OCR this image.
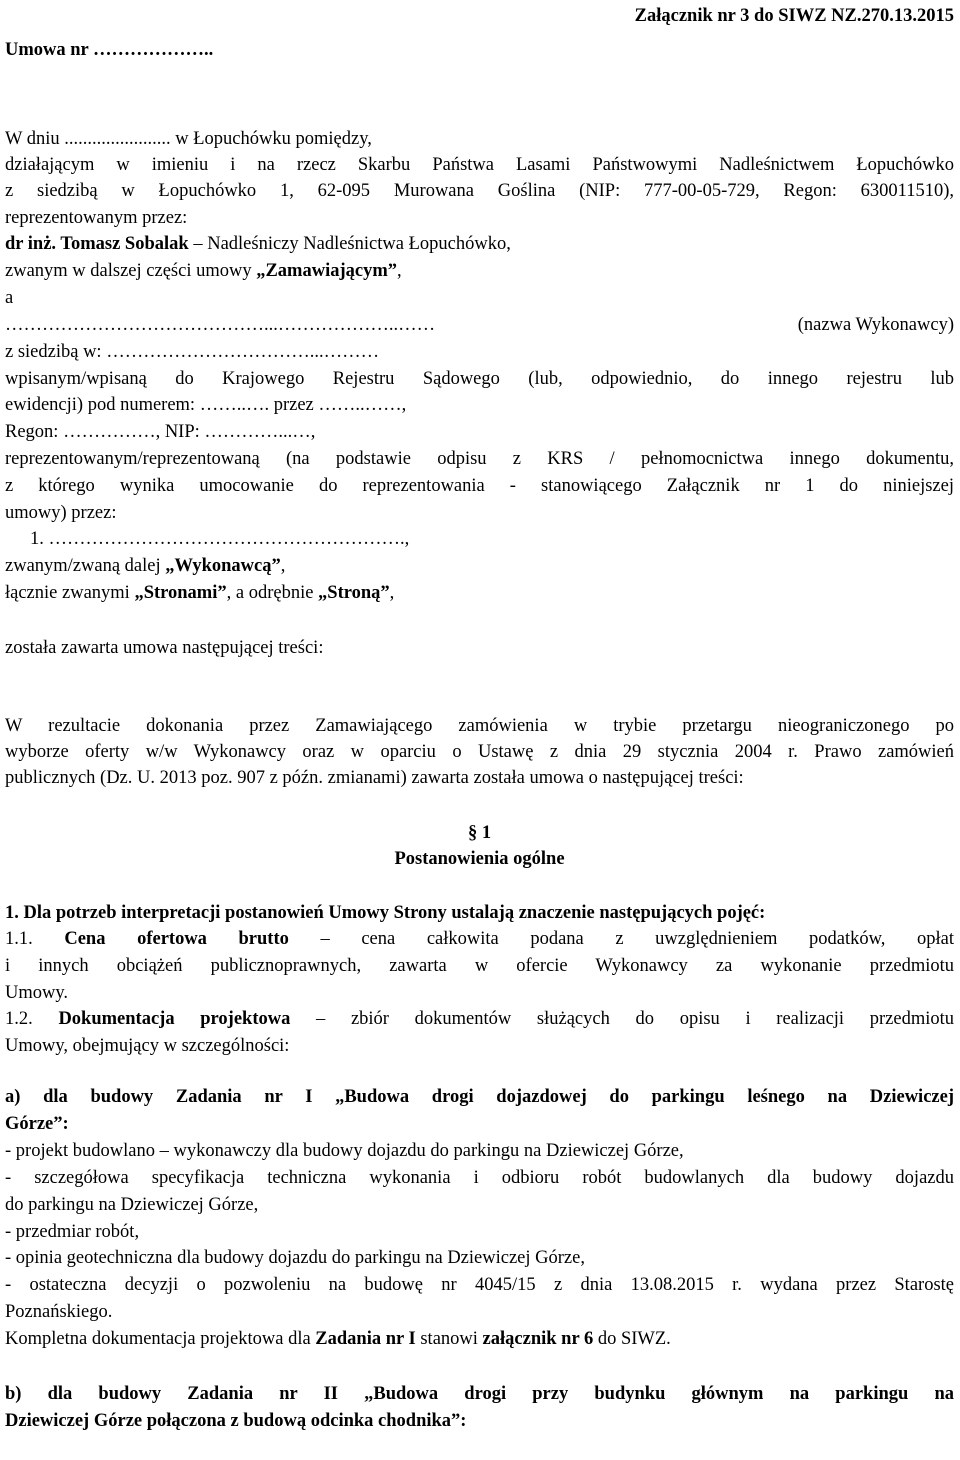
Załącznik nr 3 do SIWZ NZ.270.13.2015
Umowa nr ………………..
W dniu ....................... w Łopuchówku pomiędzy,
działającym w imieniu i na rzecz Skarbu Państwa Lasami Państwowymi Nadleśnictwem Łopuchówko
z siedzibą w Łopuchówko 1, 62-095 Murowana Goślina (NIP: 777-00-05-729, Regon: 630011510),
reprezentowanym przez:
dr inż. Tomasz Sobalak – Nadleśniczy Nadleśnictwa Łopuchówko,
zwanym w dalszej części umowy „Zamawiającym”,
a
……………………………………...………………..……	(nazwa Wykonawcy)
z siedzibą w: ……………………………...………
wpisanym/wpisaną do Krajowego Rejestru Sądowego (lub, odpowiednio, do innego rejestru lub
ewidencji) pod numerem: ……..…. przez ……..……,
Regon: ……………, NIP: …………...…,
reprezentowanym/reprezentowaną (na podstawie odpisu z KRS / pełnomocnictwa innego dokumentu,
z którego wynika umocowanie do reprezentowania - stanowiącego Załącznik nr 1 do niniejszej
umowy) przez:
1. ………………………………………………….,
zwanym/zwaną dalej „Wykonawcą”,
łącznie zwanymi „Stronami”, a odrębnie „Stroną”,
została zawarta umowa następującej treści:
W rezultacie dokonania przez Zamawiającego zamówienia w trybie przetargu nieograniczonego po
wyborze oferty w/w Wykonawcy oraz w oparciu o Ustawę z dnia 29 stycznia 2004 r. Prawo zamówień
publicznych (Dz. U. 2013 poz. 907 z późn. zmianami) zawarta została umowa o następującej treści:
§ 1
Postanowienia ogólne
1. Dla potrzeb interpretacji postanowień Umowy Strony ustalają znaczenie następujących pojęć:
1.1. Cena ofertowa brutto – cena całkowita podana z uwzględnieniem podatków, opłat
i innych obciążeń publicznoprawnych, zawarta w ofercie Wykonawcy za wykonanie przedmiotu
Umowy.
1.2. Dokumentacja projektowa – zbiór dokumentów służących do opisu i realizacji przedmiotu
Umowy, obejmujący w szczególności:
a) dla budowy Zadania nr I „Budowa drogi dojazdowej do parkingu leśnego na Dziewiczej
Górze”:
- projekt budowlano – wykonawczy dla budowy dojazdu do parkingu na Dziewiczej Górze,
- szczegółowa specyfikacja techniczna wykonania i odbioru robót budowlanych dla budowy dojazdu
do parkingu na Dziewiczej Górze,
- przedmiar robót,
- opinia geotechniczna dla budowy dojazdu do parkingu na Dziewiczej Górze,
- ostateczna decyzji o pozwoleniu na budowę nr 4045/15 z dnia 13.08.2015 r. wydana przez Starostę
Poznańskiego.
Kompletna dokumentacja projektowa dla Zadania nr I stanowi załącznik nr 6 do SIWZ.
b) dla budowy Zadania nr II „Budowa drogi przy budynku głównym na parkingu na
Dziewiczej Górze połączona z budową odcinka chodnika”:
